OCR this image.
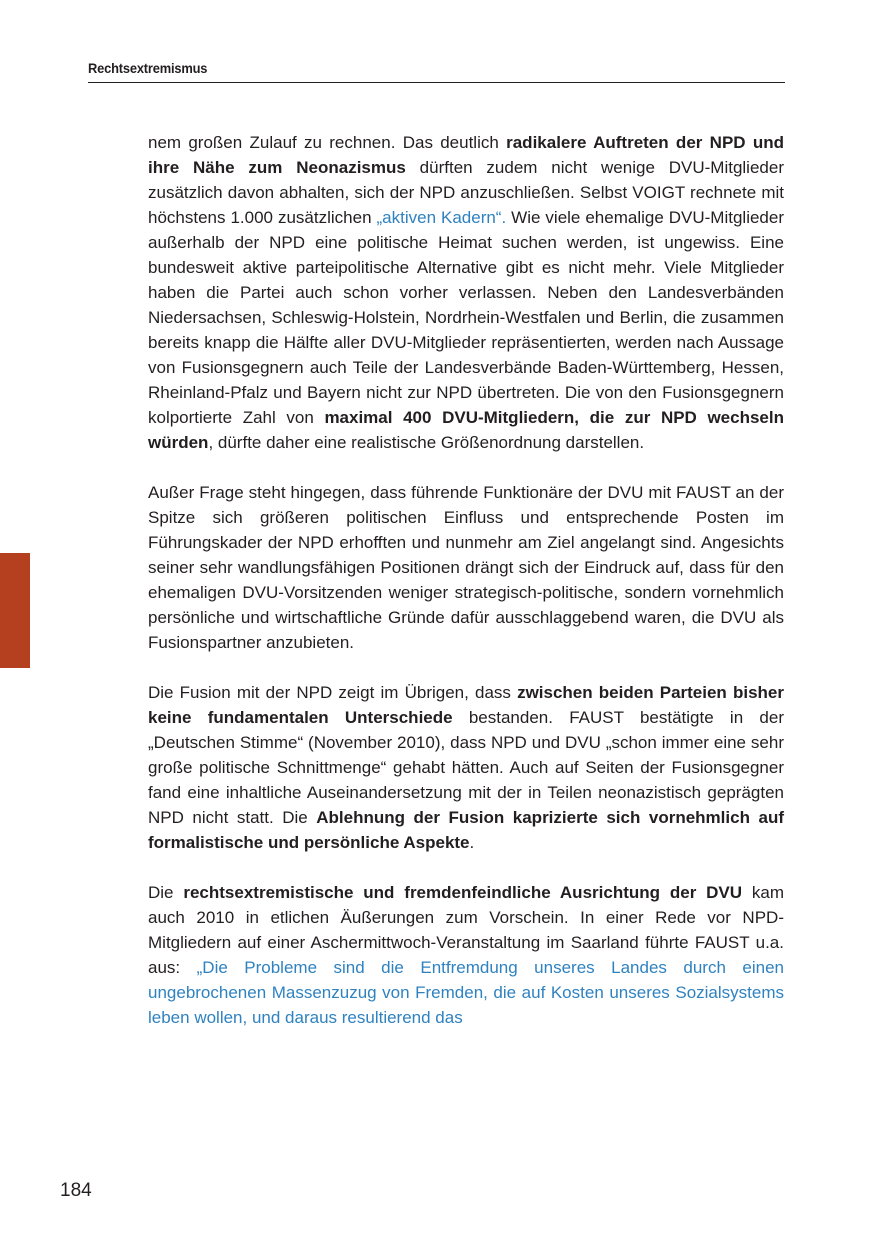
Rechtsextremismus

nem großen Zulauf zu rechnen. Das deutlich radikalere Auftreten der NPD und ihre Nähe zum Neonazismus dürften zudem nicht wenige DVU-Mitglieder zusätzlich davon abhalten, sich der NPD anzuschließen. Selbst VOIGT rechnete mit höchstens 1.000 zusätzlichen „aktiven Kadern“. Wie viele ehemalige DVU-Mitglieder außerhalb der NPD eine politische Heimat suchen werden, ist ungewiss. Eine bundesweit aktive parteipolitische Alternative gibt es nicht mehr. Viele Mitglieder haben die Partei auch schon vorher verlassen. Neben den Landesverbänden Niedersachsen, Schleswig-Holstein, Nordrhein-Westfalen und Berlin, die zusammen bereits knapp die Hälfte aller DVU-Mitglieder repräsentierten, werden nach Aussage von Fusionsgegnern auch Teile der Landesverbände Baden-Württemberg, Hessen, Rheinland-Pfalz und Bayern nicht zur NPD übertreten. Die von den Fusionsgegnern kolportierte Zahl von maximal 400 DVU-Mitgliedern, die zur NPD wechseln würden, dürfte daher eine realistische Größenordnung darstellen.

Außer Frage steht hingegen, dass führende Funktionäre der DVU mit FAUST an der Spitze sich größeren politischen Einfluss und entsprechende Posten im Führungskader der NPD erhofften und nunmehr am Ziel angelangt sind. Angesichts seiner sehr wandlungsfähigen Positionen drängt sich der Eindruck auf, dass für den ehemaligen DVU-Vorsitzenden weniger strategisch-politische, sondern vornehmlich persönliche und wirtschaftliche Gründe dafür ausschlaggebend waren, die DVU als Fusionspartner anzubieten.

Die Fusion mit der NPD zeigt im Übrigen, dass zwischen beiden Parteien bisher keine fundamentalen Unterschiede bestanden. FAUST bestätigte in der „Deutschen Stimme“ (November 2010), dass NPD und DVU „schon immer eine sehr große politische Schnittmenge“ gehabt hätten. Auch auf Seiten der Fusionsgegner fand eine inhaltliche Auseinandersetzung mit der in Teilen neonazistisch geprägten NPD nicht statt. Die Ablehnung der Fusion kaprizierte sich vornehmlich auf formalistische und persönliche Aspekte.

Die rechtsextremistische und fremdenfeindliche Ausrichtung der DVU kam auch 2010 in etlichen Äußerungen zum Vorschein. In einer Rede vor NPD-Mitgliedern auf einer Aschermittwoch-Veranstaltung im Saarland führte FAUST u.a. aus: „Die Probleme sind die Entfremdung unseres Landes durch einen ungebrochenen Massenzuzug von Fremden, die auf Kosten unseres Sozialsystems leben wollen, und daraus resultierend das

184
